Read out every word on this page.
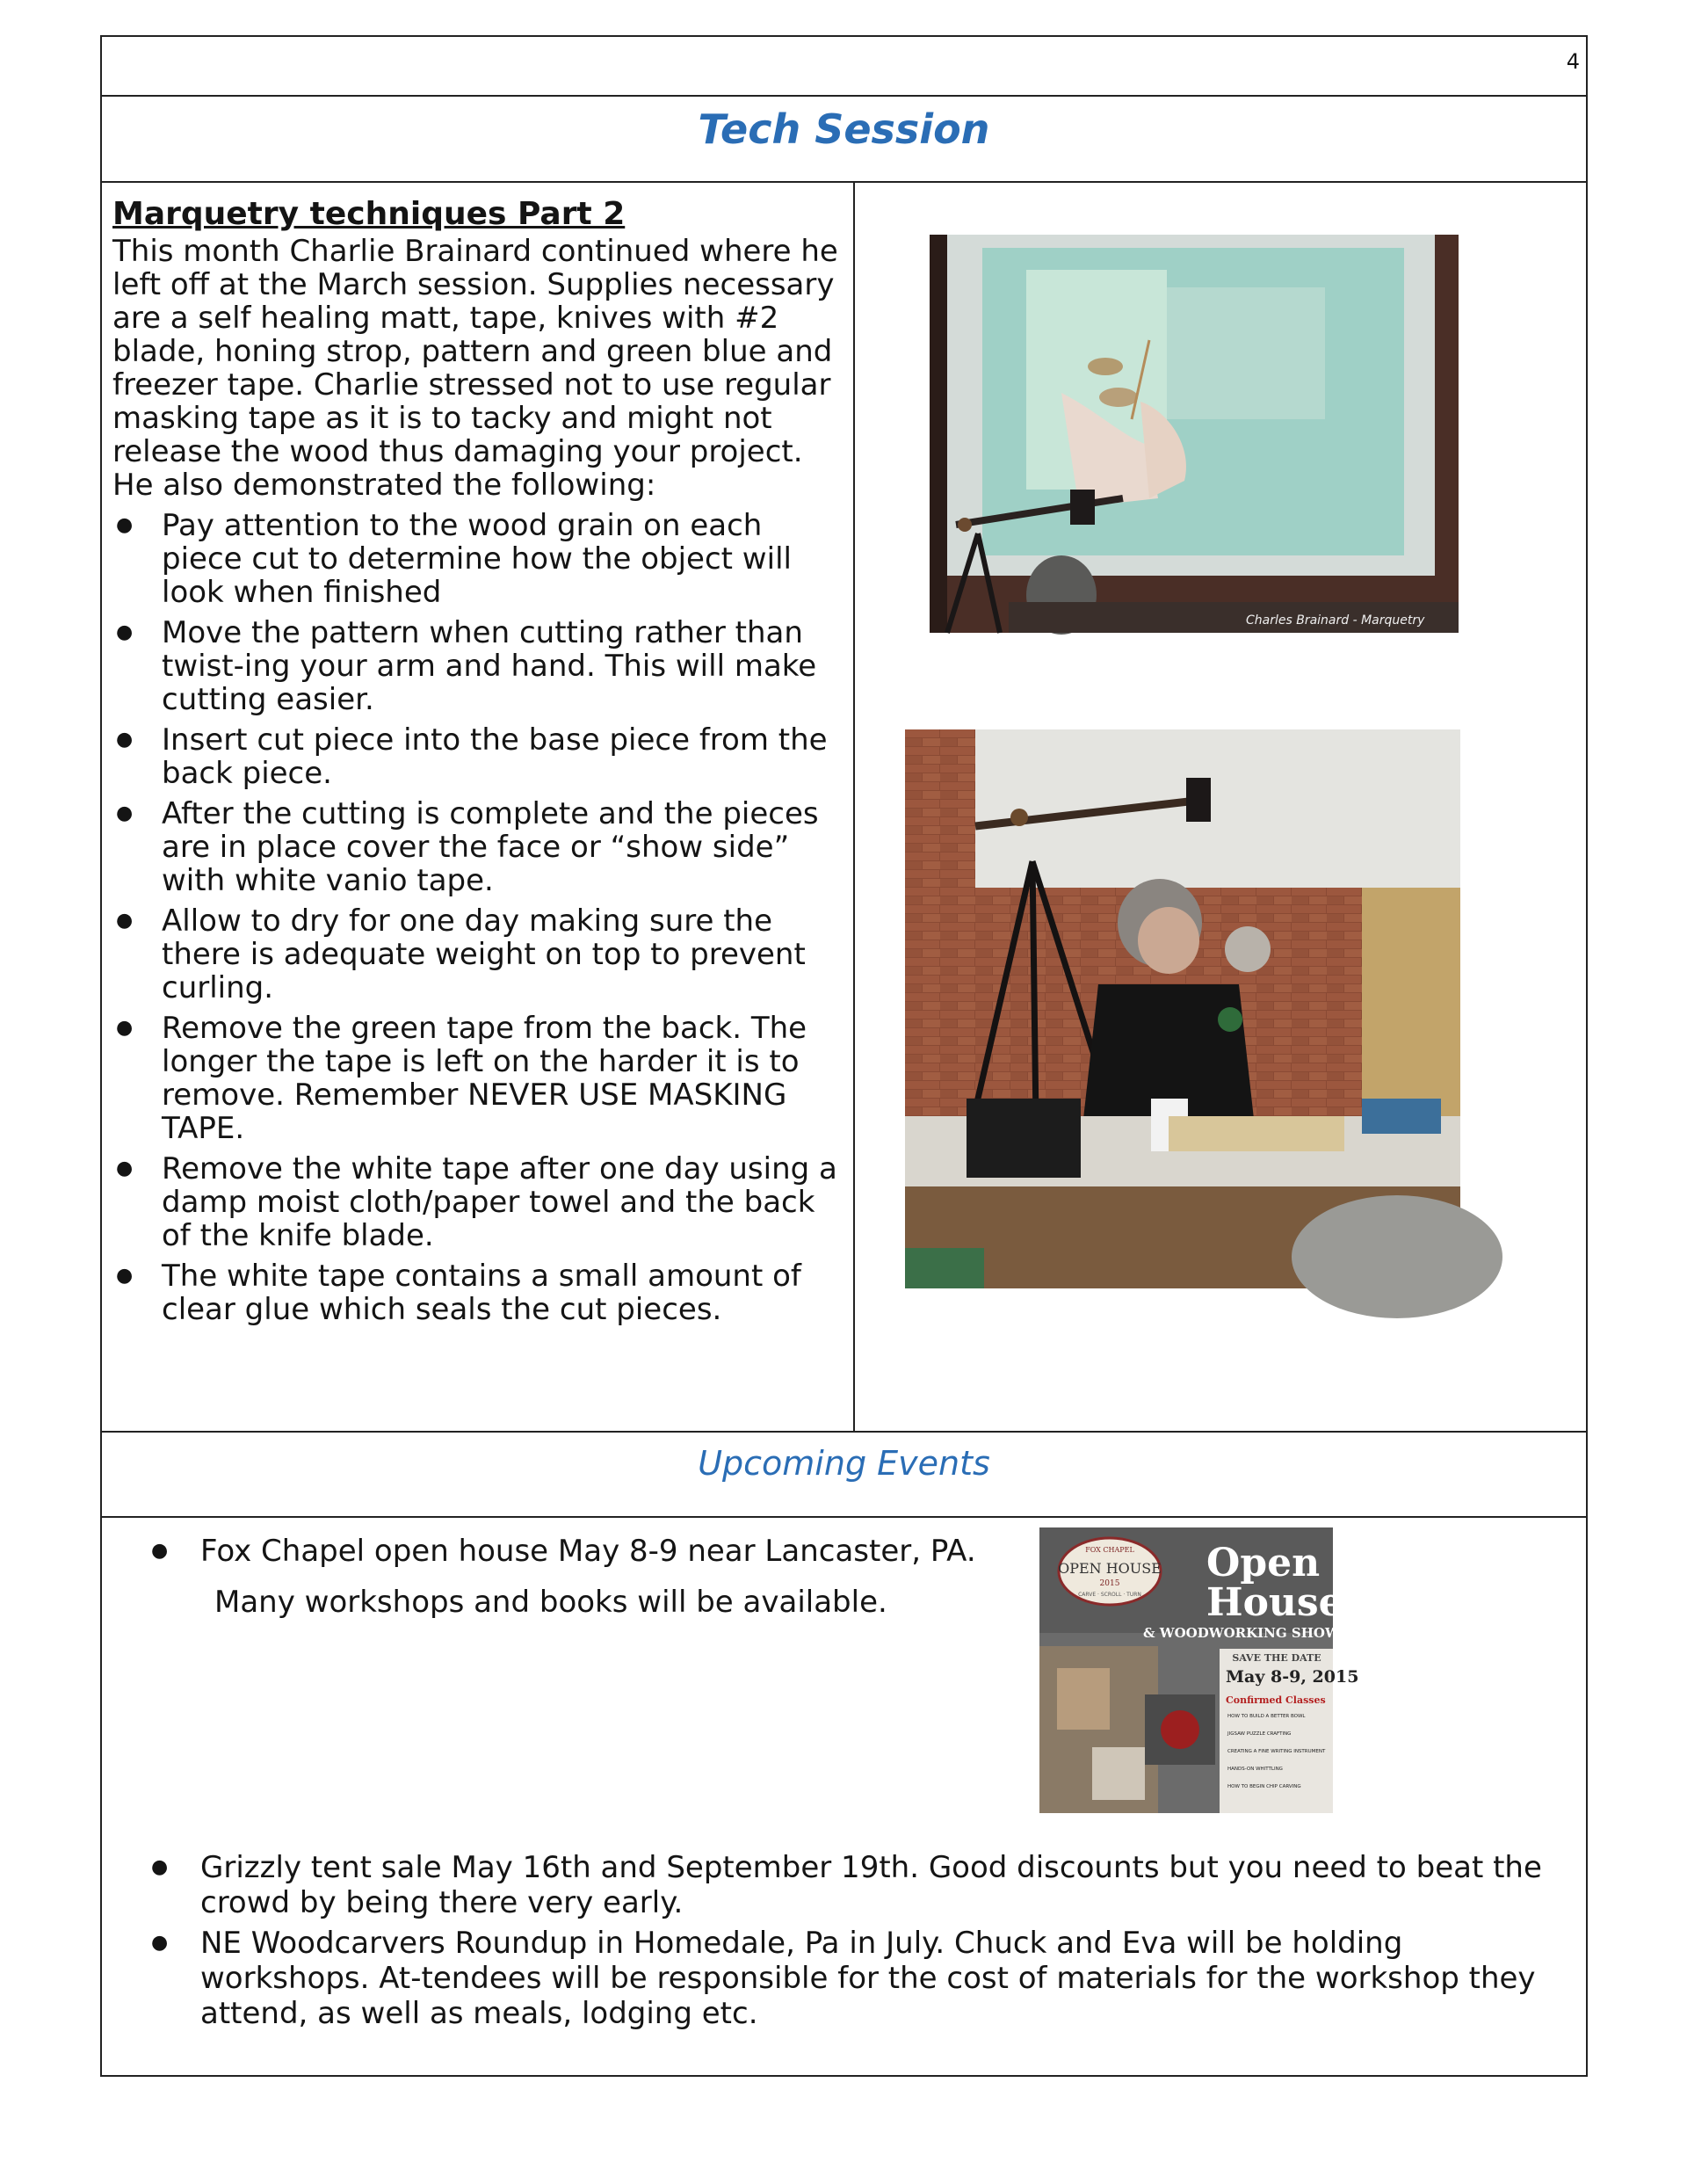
4
Tech Session
Marquetry techniques Part 2

This month Charlie Brainard continued where he left off at the March session. Supplies necessary are a self healing matt, tape, knives with #2 blade, honing strop, pattern and green blue and freezer tape. Charlie stressed not to use regular masking tape as it is to tacky and might not release the wood thus damaging your project. He also demonstrated the following:

● Pay attention to the wood grain on each piece cut to determine how the object will look when finished
● Move the pattern when cutting rather than twist-ing your arm and hand. This will make cutting easier.
● Insert cut piece into the base piece from the back piece.
● After the cutting is complete and the pieces are in place cover the face or “show side” with white vanio tape.
● Allow to dry for one day making sure the there is adequate weight on top to prevent curling.
● Remove the green tape from the back. The longer the tape is left on the harder it is to remove. Remember NEVER USE MASKING TAPE.
● Remove the white tape after one day using a damp moist cloth/paper towel and the back of the knife blade.
● The white tape contains a small amount of clear glue which seals the cut pieces.
Charles Brainard - Marquetry
Upcoming Events
● Fox Chapel open house May 8-9 near Lancaster, PA.
Many workshops and books will be available.
FOX CHAPEL
OPEN HOUSE
2015
CARVE · SCROLL · TURN
Open
House
& WOODWORKING SHOW
SAVE THE DATE
May 8-9, 2015
Confirmed Classes
HOW TO BUILD A BETTER BOWL
JIGSAW PUZZLE CRAFTING
CREATING A FINE WRITING INSTRUMENT
HANDS-ON WHITTLING
HOW TO BEGIN CHIP CARVING
● Grizzly tent sale May 16th and September 19th. Good discounts but you need to beat the crowd by being there very early.
● NE Woodcarvers Roundup in Homedale, Pa in July. Chuck and Eva will be holding workshops. At-tendees will be responsible for the cost of materials for the workshop they attend, as well as meals, lodging etc.
